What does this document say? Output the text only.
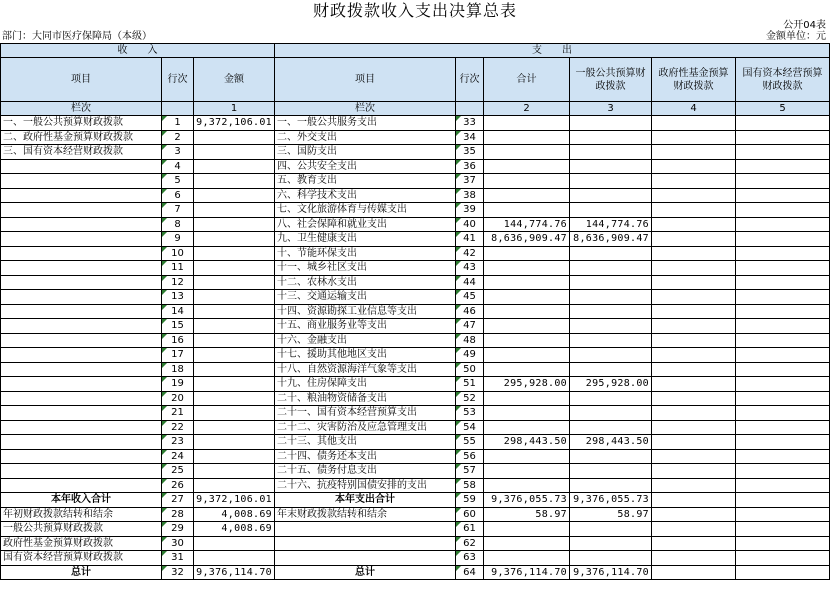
财政拨款收入支出决算总表
公开04表
部门：大同市医疗保障局（本级）	金额单位：元
收　　入			支　　出					
项目	行次	金额	项目	行次	合计	一般公共预算财政拨款	政府性基金预算财政拨款	国有资本经营预算财政拨款
栏次		1	栏次		2	3	4	5
一、一般公共预算财政拨款	1	9,372,106.01	一、一般公共服务支出	33				
二、政府性基金预算财政拨款	2		二、外交支出	34				
三、国有资本经营财政拨款	3		三、国防支出	35				
	4		四、公共安全支出	36				
	5		五、教育支出	37				
	6		六、科学技术支出	38				
	7		七、文化旅游体育与传媒支出	39				
	8		八、社会保障和就业支出	40	144,774.76	144,774.76		
	9		九、卫生健康支出	41	8,636,909.47	8,636,909.47		
	10		十、节能环保支出	42				
	11		十一、城乡社区支出	43				
	12		十二、农林水支出	44				
	13		十三、交通运输支出	45				
	14		十四、资源勘探工业信息等支出	46				
	15		十五、商业服务业等支出	47				
	16		十六、金融支出	48				
	17		十七、援助其他地区支出	49				
	18		十八、自然资源海洋气象等支出	50				
	19		十九、住房保障支出	51	295,928.00	295,928.00		
	20		二十、粮油物资储备支出	52				
	21		二十一、国有资本经营预算支出	53				
	22		二十二、灾害防治及应急管理支出	54				
	23		二十三、其他支出	55	298,443.50	298,443.50		
	24		二十四、债务还本支出	56				
	25		二十五、债务付息支出	57				
	26		二十六、抗疫特别国债安排的支出	58				
本年收入合计	27	9,372,106.01	本年支出合计	59	9,376,055.73	9,376,055.73		
年初财政拨款结转和结余	28	4,008.69	年末财政拨款结转和结余	60	58.97	58.97		
一般公共预算财政拨款	29	4,008.69		61				
政府性基金预算财政拨款	30			62				
国有资本经营预算财政拨款	31			63				
总计	32	9,376,114.70	总计	64	9,376,114.70	9,376,114.70		
